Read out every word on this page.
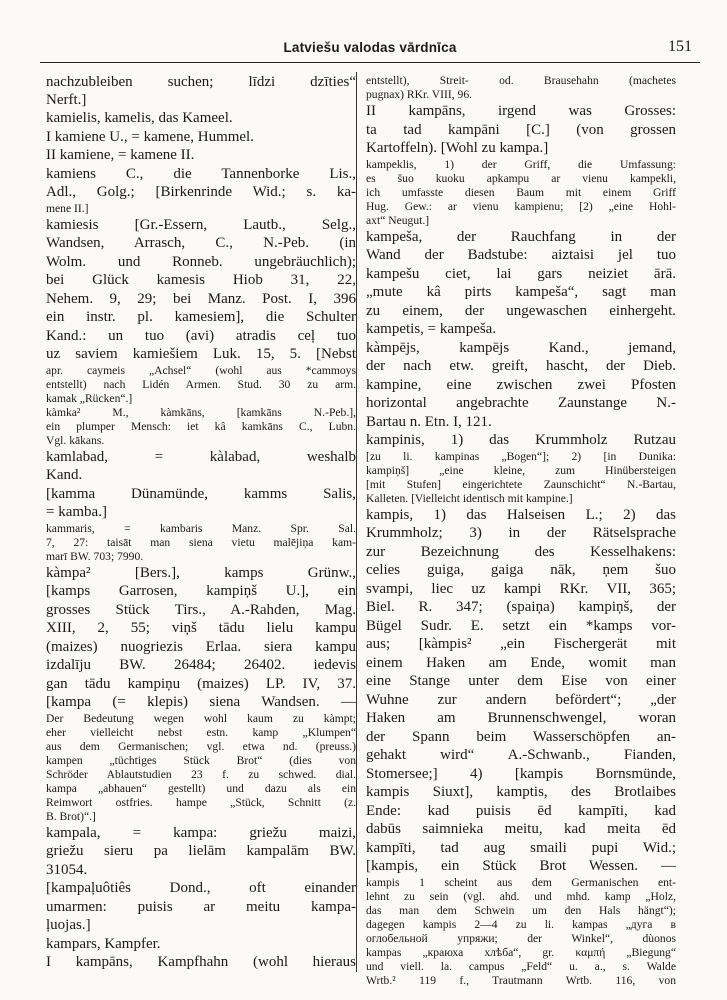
Latviešu valodas vārdnīca	151
nachzubleiben suchen; līdzi dzīties“
Nerft.]
kamielis, kamelis, das Kameel.
I kamiene U., = kamene, Hummel.
II kamiene, = kamene II.
kamiens C., die Tannenborke Lis.,
Adl., Golg.; [Birkenrinde Wid.; s. ka-
mene II.]
kamiesis [Gr.-Essern, Lautb., Selg.,
Wandsen, Arrasch, C., N.-Peb. (in
Wolm. und Ronneb. ungebräuchlich);
bei Glück kamesis Hiob 31, 22,
Nehem. 9, 29; bei Manz. Post. I, 396
ein instr. pl. kamesiem], die Schulter
Kand.: un tuo (avi) atradis ceļ tuo
uz saviem kamiešiem Luk. 15, 5. [Nebst
apr. caymeis „Achsel“ (wohl aus *cammoys
entstellt) nach Lidén Armen. Stud. 30 zu arm.
kamak „Rücken“.]
kàmka² M., kàmkāns, [kamkāns N.-Peb.],
ein plumper Mensch: iet kâ kamkāns C., Lubn.
Vgl. kākans.
kamlabad, = kàlabad, weshalb
Kand.
[kamma Dünamünde, kamms Salis,
= kamba.]
kammaris, = kambaris Manz. Spr. Sal.
7, 27: taisāt man siena vietu malējiņa kam-
marī BW. 703; 7990.
kàmpa² [Bers.], kamps Grünw.,
[kamps Garrosen, kampiņš U.], ein
grosses Stück Tirs., A.-Rahden, Mag.
XIII, 2, 55; viņš tādu lielu kampu
(maizes) nuogriezis Erlaa. siera kampu
izdalīju BW. 26484; 26402. iedevis
gan tādu kampiņu (maizes) LP. IV, 37.
[kampa (= klepis) siena Wandsen. —
Der Bedeutung wegen wohl kaum zu kàmpt;
eher vielleicht nebst estn. kamp „Klumpen“
aus dem Germanischen; vgl. etwa nd. (preuss.)
kampen „tüchtiges Stück Brot“ (dies von
Schröder Ablautstudien 23 f. zu schwed. dial.
kampa „abhauen“ gestellt) und dazu als ein
Reimwort ostfries. hampe „Stück, Schnitt (z.
B. Brot)“.]
kampala, = kampa: griežu maizi,
griežu sieru pa lielām kampalām BW.
31054.
[kampaļuôtiês Dond., oft einander
umarmen: puisis ar meitu kampa-
ļuojas.]
kampars, Kampfer.
I kampāns, Kampfhahn (wohl hieraus
entstellt), Streit- od. Brausehahn (machetes
pugnax) RKr. VIII, 96.
II kampāns, irgend was Grosses:
ta tad kampāni [C.] (von grossen
Kartoffeln). [Wohl zu kampa.]
kampeklis, 1) der Griff, die Umfassung:
es šuo kuoku apkampu ar vienu kampekli,
ich umfasste diesen Baum mit einem Griff
Hug. Gew.: ar vienu kampienu; [2) „eine Hohl-
axt“ Neugut.]
kampeša, der Rauchfang in der
Wand der Badstube: aiztaisi jel tuo
kampešu ciet, lai gars neiziet ārā.
„mute kâ pirts kampeša“, sagt man
zu einem, der ungewaschen einhergeht.
kampetis, = kampeša.
kàmpējs, kampējs Kand., jemand,
der nach etw. greift, hascht, der Dieb.
kampine, eine zwischen zwei Pfosten
horizontal angebrachte Zaunstange N.-
Bartau n. Etn. I, 121.
kampinis, 1) das Krummholz Rutzau
[zu li. kampinas „Bogen“]; 2) [in Dunika:
kampiņš] „eine kleine, zum Hinübersteigen
[mit Stufen] eingerichtete Zaunschicht“ N.-Bartau,
Kalleten. [Vielleicht identisch mit kampine.]
kampis, 1) das Halseisen L.; 2) das
Krummholz; 3) in der Rätselsprache
zur Bezeichnung des Kesselhakens:
celies guiga, gaiga nāk, ņem šuo
svampi, liec uz kampi RKr. VII, 365;
Biel. R. 347; (spaiņa) kampiņš, der
Bügel Sudr. E. setzt ein *kamps vor-
aus; [kàmpis² „ein Fischergerät mit
einem Haken am Ende, womit man
eine Stange unter dem Eise von einer
Wuhne zur andern befördert“; „der
Haken am Brunnenschwengel, woran
der Spann beim Wasserschöpfen an-
gehakt wird“ A.-Schwanb., Fianden,
Stomersee;] 4) [kampis Bornsmünde,
kampis Siuxt], kamptis, des Brotlaibes
Ende: kad puisis ēd kampīti, kad
dabūs saimnieka meitu, kad meita ēd
kampīti, tad aug smaili pupi Wid.;
[kampis, ein Stück Brot Wessen. —
kampis 1 scheint aus dem Germanischen ent-
lehnt zu sein (vgl. ahd. und mhd. kamp „Holz,
das man dem Schwein um den Hals hängt“);
dagegen kampis 2—4 zu li. kampas „дуга в
оглобельной упряжи; der Winkel“, dùonos
kampas „краюха хлѣба“, gr. καμπή „Biegung“
und viell. la. campus „Feld“ u. a., s. Walde
Wrtb.² 119 f., Trautmann Wrtb. 116, von
